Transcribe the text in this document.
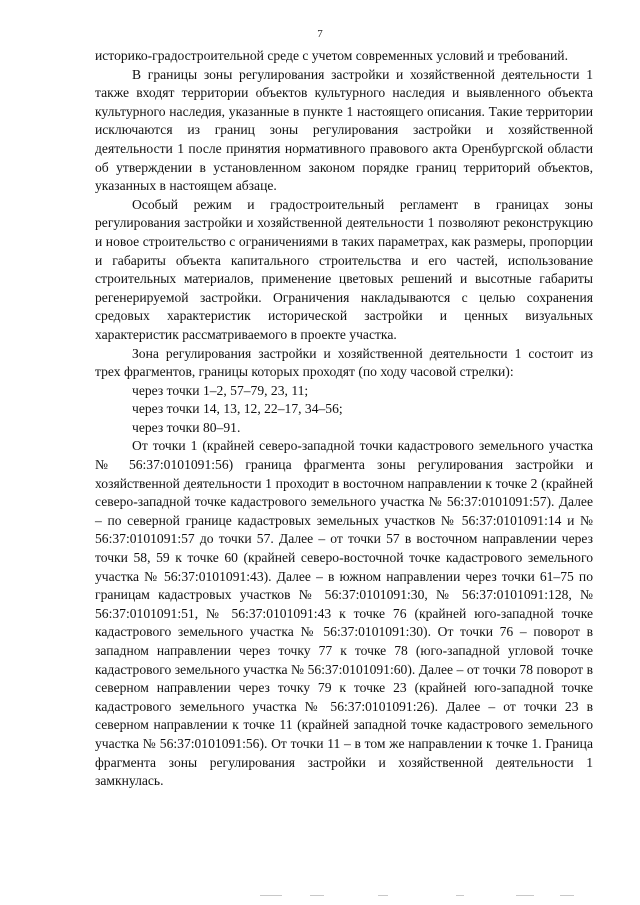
7

историко-градостроительной среде с учетом современных условий и требований.

В границы зоны регулирования застройки и хозяйственной деятельности 1 также входят территории объектов культурного наследия и выявленного объекта культурного наследия, указанные в пункте 1 настоящего описания. Такие территории исключаются из границ зоны регулирования застройки и хозяйственной деятельности 1 после принятия нормативного правового акта Оренбургской области об утверждении в установленном законом порядке границ территорий объектов, указанных в настоящем абзаце.

Особый режим и градостроительный регламент в границах зоны регулирования застройки и хозяйственной деятельности 1 позволяют реконструкцию и новое строительство с ограничениями в таких параметрах, как размеры, пропорции и габариты объекта капитального строительства и его частей, использование строительных материалов, применение цветовых решений и высотные габариты регенерируемой застройки. Ограничения накладываются с целью сохранения средовых характеристик исторической застройки и ценных визуальных характеристик рассматриваемого в проекте участка.

Зона регулирования застройки и хозяйственной деятельности 1 состоит из трех фрагментов, границы которых проходят (по ходу часовой стрелки):

через точки 1–2, 57–79, 23, 11;

через точки 14, 13, 12, 22–17, 34–56;

через точки 80–91.

От точки 1 (крайней северо-западной точки кадастрового земельного участка № 56:37:0101091:56) граница фрагмента зоны регулирования застройки и хозяйственной деятельности 1 проходит в восточном направлении к точке 2 (крайней северо-западной точке кадастрового земельного участка № 56:37:0101091:57). Далее – по северной границе кадастровых земельных участков № 56:37:0101091:14 и № 56:37:0101091:57 до точки 57. Далее – от точки 57 в восточном направлении через точки 58, 59 к точке 60 (крайней северо-восточной точке кадастрового земельного участка № 56:37:0101091:43). Далее – в южном направлении через точки 61–75 по границам кадастровых участков № 56:37:0101091:30, № 56:37:0101091:128, № 56:37:0101091:51, № 56:37:0101091:43 к точке 76 (крайней юго-западной точке кадастрового земельного участка № 56:37:0101091:30). От точки 76 – поворот в западном направлении через точку 77 к точке 78 (юго-западной угловой точке кадастрового земельного участка № 56:37:0101091:60). Далее – от точки 78 поворот в северном направлении через точку 79 к точке 23 (крайней юго-западной точке кадастрового земельного участка № 56:37:0101091:26). Далее – от точки 23 в северном направлении к точке 11 (крайней западной точке кадастрового земельного участка № 56:37:0101091:56). От точки 11 – в том же направлении к точке 1. Граница фрагмента зоны регулирования застройки и хозяйственной деятельности 1 замкнулась.
